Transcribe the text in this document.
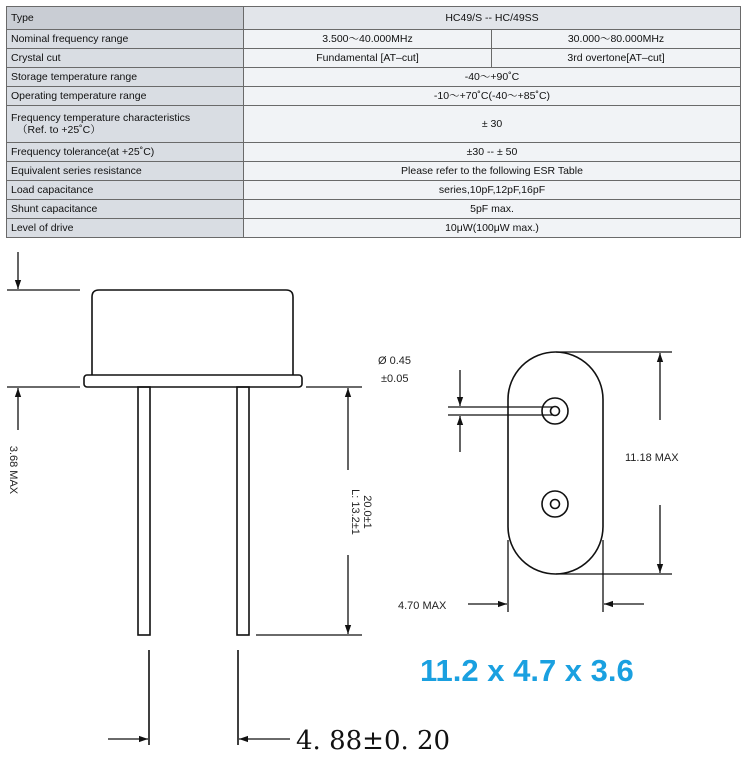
Type	HC49/S -- HC/49SS	
Nominal frequency range	3.500～40.000MHz	30.000～80.000MHz
Crystal cut	Fundamental [AT–cut]	3rd overtone[AT–cut]
Storage temperature range	-40～+90˚C	
Operating temperature range	-10～+70˚C(-40～+85˚C)	
Frequency temperature characteristics
（Ref. to +25˚C）	± 30	
Frequency tolerance(at +25˚C)	±30 -- ± 50	
Equivalent series resistance	Please refer to the following ESR Table	
Load capacitance	series,10pF,12pF,16pF	
Shunt capacitance	5pF max.	
Level of drive	10μW(100μW max.)	
3.68 MAX
L: 13.2±1 20.0±1
4. 88±0. 20
Ø 0.45
±0.05
11.18 MAX
4.70 MAX
11.2 x 4.7 x 3.6
